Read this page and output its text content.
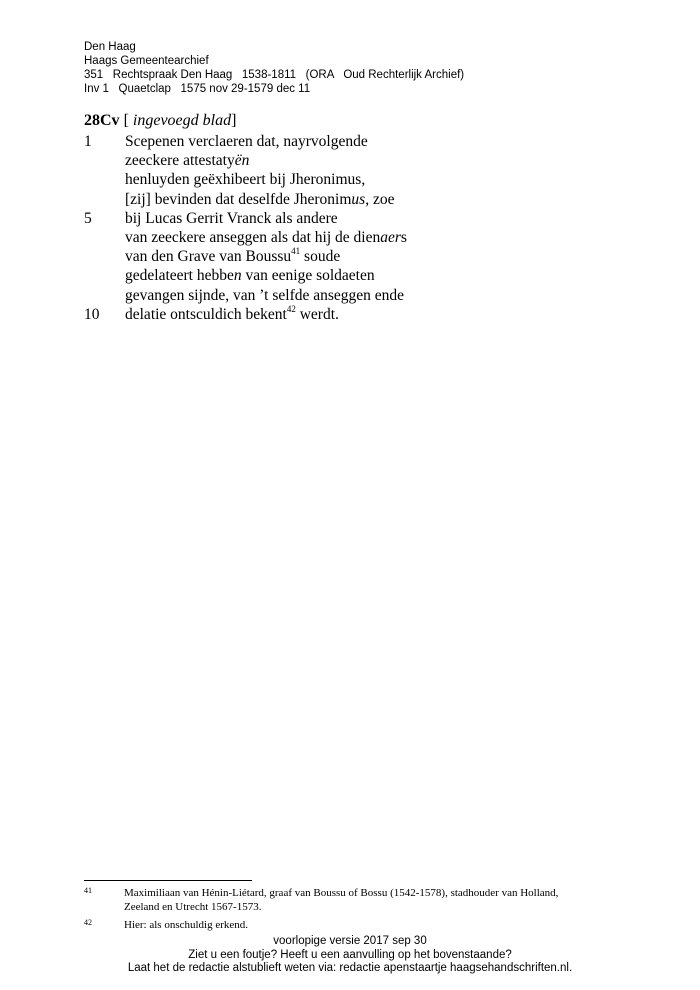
Den Haag
Haags Gemeentearchief
351   Rechtspraak Den Haag   1538-1811   (ORA   Oud Rechterlijk Archief)
Inv 1   Quaetclap   1575 nov 29-1579 dec 11
28Cv [ ingevoegd blad]
1	Scepenen verclaeren dat, nayrvolgende
zeeckere attestatyën
henluyden geëxhibeert bij Jheronimus,
[zij] bevinden dat deselfde Jheronimus, zoe
5	bij Lucas Gerrit Vranck als andere
van zeeckere anseggen als dat hij de dienaers
van den Grave van Boussu$^{41}$ soude
gedelateert hebben van eenige soldaeten
gevangen sijnde, van ’t selfde anseggen ende
10	delatie ontsculdich bekent$^{42}$ werdt.
41	Maximiliaan van Hénin-Liétard, graaf van Boussu of Bossu (1542-1578), stadhouder van Holland, Zeeland en Utrecht 1567-1573.
42	Hier: als onschuldig erkend.
voorlopige versie 2017 sep 30
Ziet u een foutje? Heeft u een aanvulling op het bovenstaande?
Laat het de redactie alstublieft weten via: redactie apenstaartje haagsehandschriften.nl.
